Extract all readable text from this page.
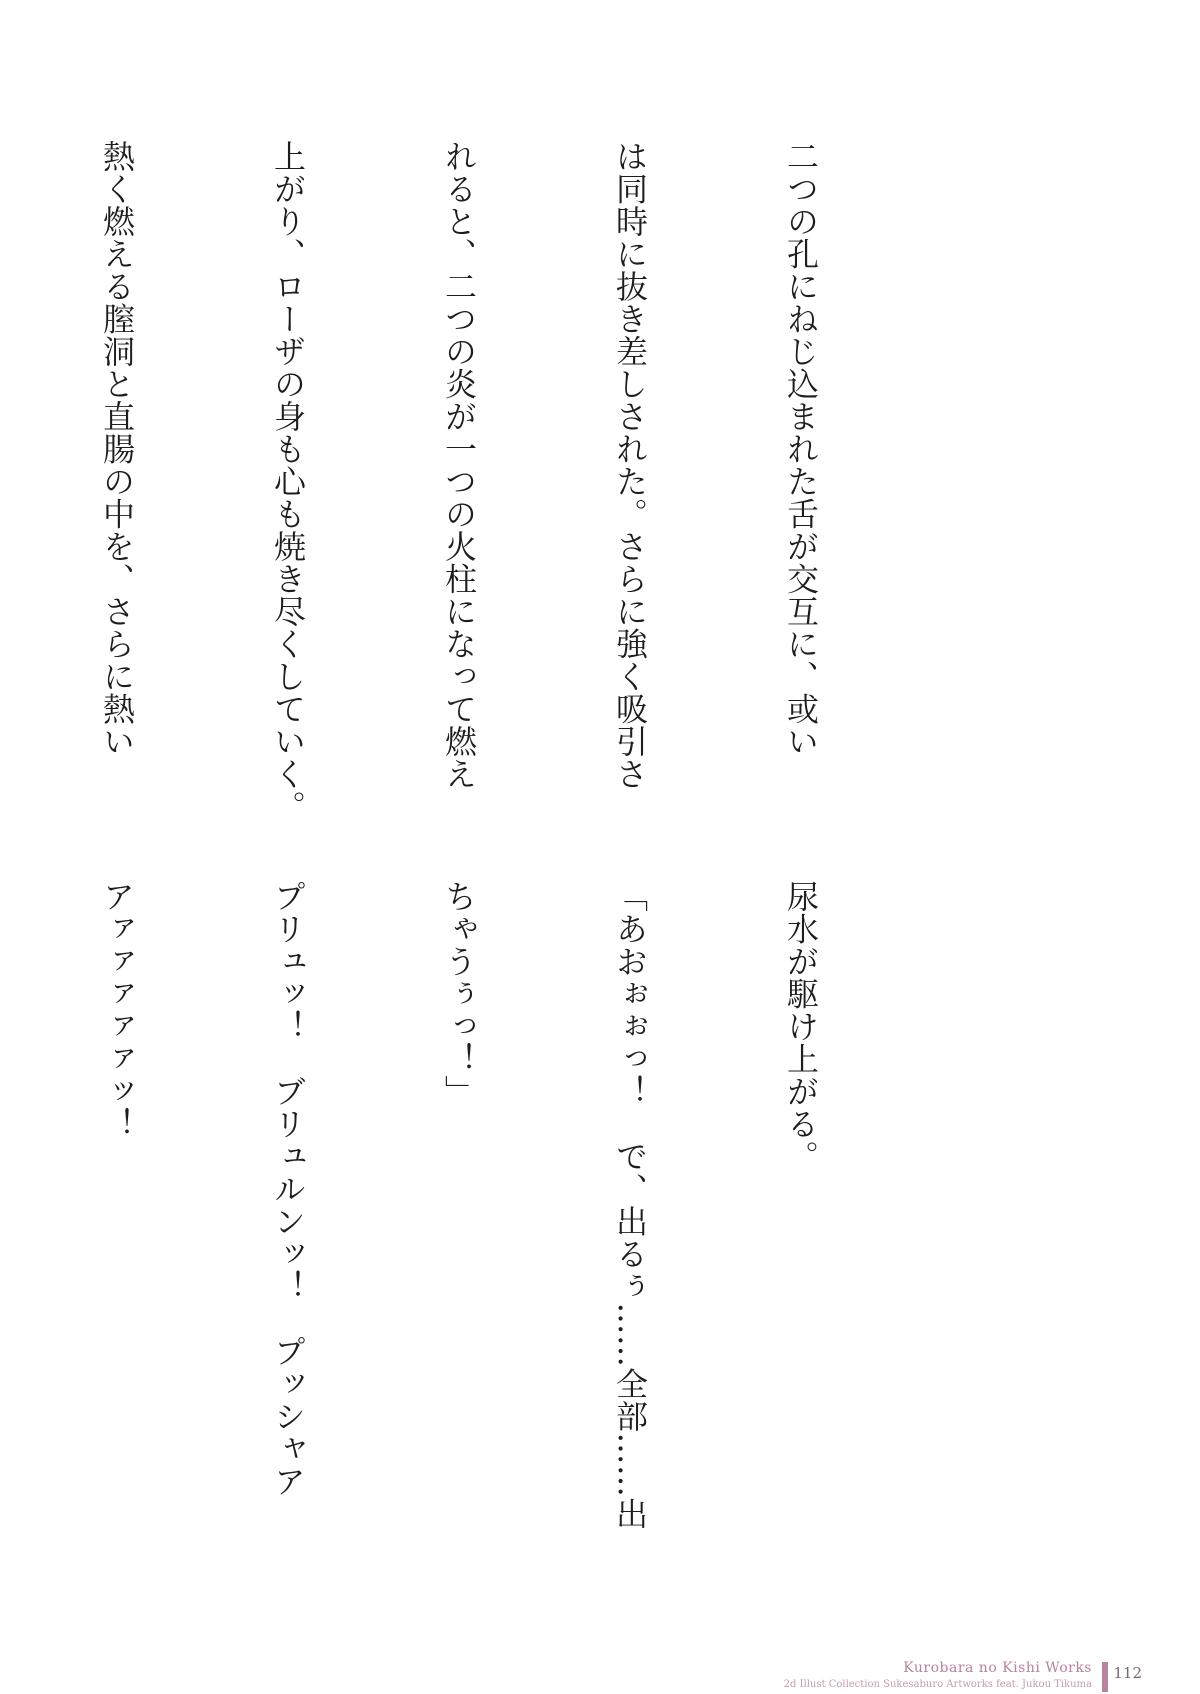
二つの孔にねじ込まれた舌が交互に、或い

は同時に抜き差しされた。さらに強く吸引さ

れると、二つの炎が一つの火柱になって燃え

上がり、ローザの身も心も焼き尽くしていく。

熱く燃える膣洞と直腸の中を、さらに熱い

尿水が駆け上がる。

「あおぉぉっ！　で、出るぅ……全部……出

ちゃうぅっ！」

プリュッ！　ブリュルンッ！　プッシャア

アァァァァァッ！

Kurobara no Kishi Works
2d Illust Collection Sukesaburo Artworks feat. Jukou Tikuma
112
